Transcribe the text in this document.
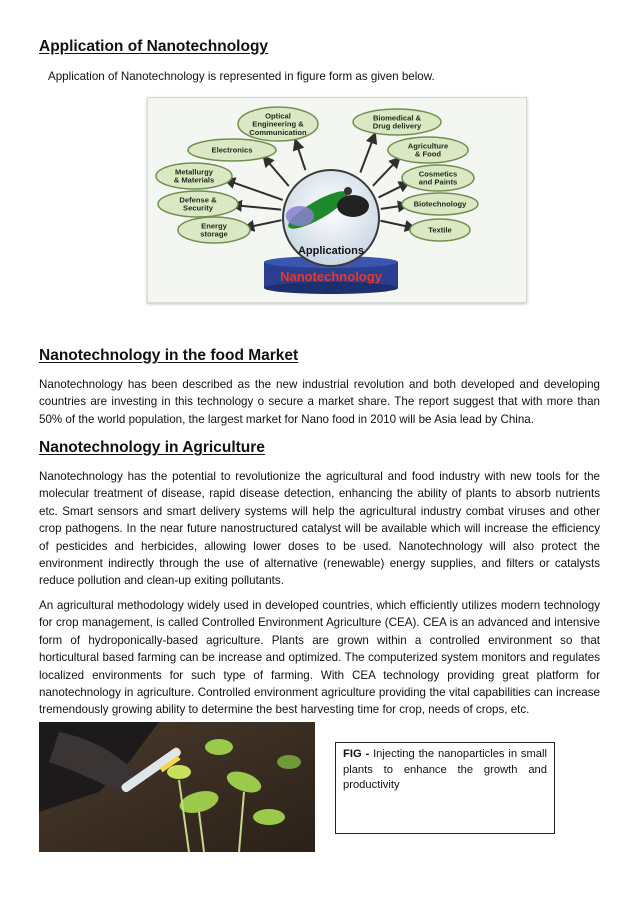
Application of Nanotechnology

Application of Nanotechnology is represented in figure form as given below.

Optical
Engineering &
Communication
Biomedical &
Drug delivery
Electronics	Agriculture
& Food
Metallurgy
& Materials
Cosmetics
and Paints
Defense &
Security	Biotechnology
Energy
storage	Textile
Nanotechnology
Applications
Nanotechnology in the food Market

Nanotechnology has been described as the new industrial revolution and both developed and developing countries are investing in this technology o secure a market share. The report suggest that with more than 50% of the world population, the largest market for Nano food in 2010 will be Asia lead by China.

Nanotechnology in Agriculture

Nanotechnology has the potential to revolutionize the agricultural and food industry with new tools for the molecular treatment of disease, rapid disease detection, enhancing the ability of plants to absorb nutrients etc. Smart sensors and smart delivery systems will help the agricultural industry combat viruses and other crop pathogens. In the near future nanostructured catalyst will be available which will increase the efficiency of pesticides and herbicides, allowing lower doses to be used. Nanotechnology will also protect the environment indirectly through the use of alternative (renewable) energy supplies, and filters or catalysts reduce pollution and clean-up exiting pollutants.

An agricultural methodology widely used in developed countries, which efficiently utilizes modern technology for crop management, is called Controlled Environment Agriculture (CEA). CEA is an advanced and intensive form of hydroponically-based agriculture. Plants are grown within a controlled environment so that horticultural based farming can be increase and optimized. The computerized system monitors and regulates localized environments for such type of farming. With CEA technology providing great platform for nanotechnology in agriculture. Controlled environment agriculture providing the vital capabilities can increase tremendously growing ability to determine the best harvesting time for crop, needs of crops, etc.

FIG - Injecting the nanoparticles in small plants to enhance the growth and productivity
